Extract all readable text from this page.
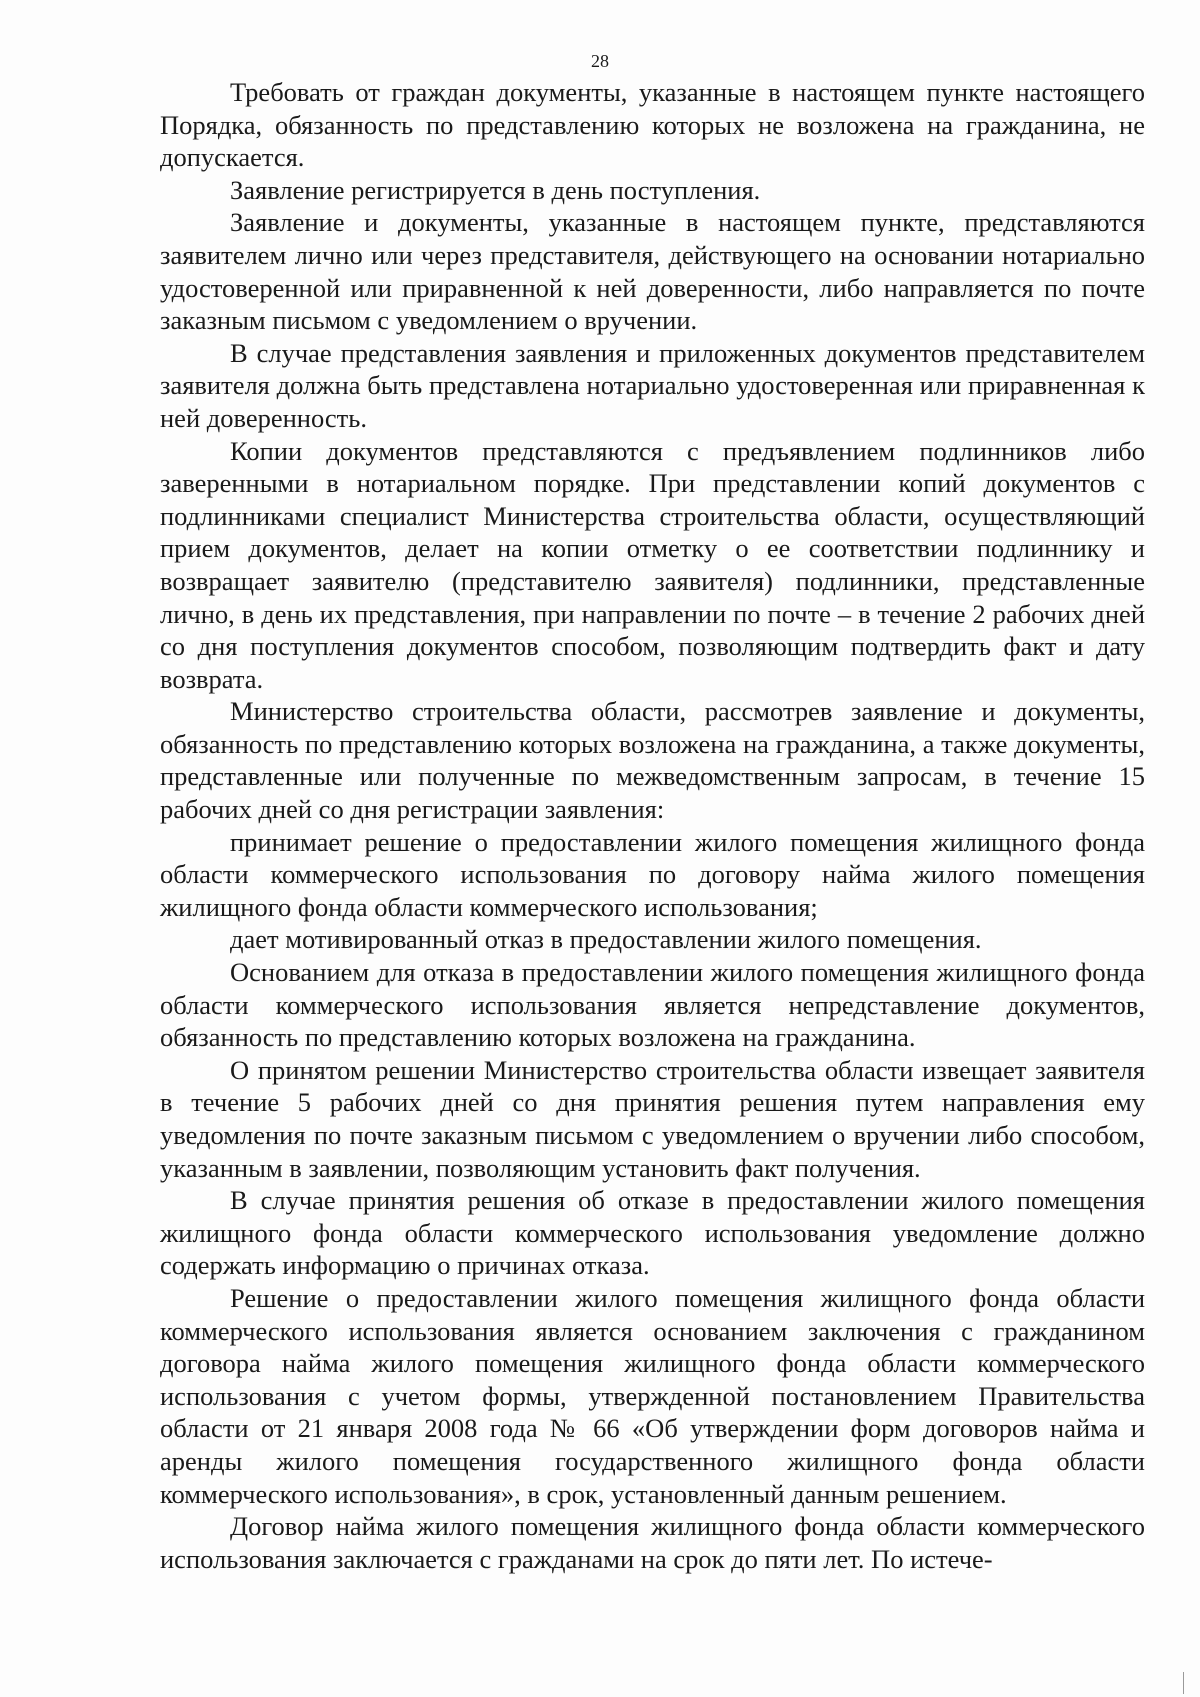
28

Требовать от граждан документы, указанные в настоящем пункте настоящего Порядка, обязанность по представлению которых не возложена на гражданина, не допускается.

Заявление регистрируется в день поступления.

Заявление и документы, указанные в настоящем пункте, представляются заявителем лично или через представителя, действующего на основании нотариально удостоверенной или приравненной к ней доверенности, либо направляется по почте заказным письмом с уведомлением о вручении.

В случае представления заявления и приложенных документов представителем заявителя должна быть представлена нотариально удостоверенная или приравненная к ней доверенность.

Копии документов представляются с предъявлением подлинников либо заверенными в нотариальном порядке. При представлении копий документов с подлинниками специалист Министерства строительства области, осуществляющий прием документов, делает на копии отметку о ее соответствии подлиннику и возвращает заявителю (представителю заявителя) подлинники, представленные лично, в день их представления, при направлении по почте – в течение 2 рабочих дней со дня поступления документов способом, позволяющим подтвердить факт и дату возврата.

Министерство строительства области, рассмотрев заявление и документы, обязанность по представлению которых возложена на гражданина, а также документы, представленные или полученные по межведомственным запросам, в течение 15 рабочих дней со дня регистрации заявления:

принимает решение о предоставлении жилого помещения жилищного фонда области коммерческого использования по договору найма жилого помещения жилищного фонда области коммерческого использования;

дает мотивированный отказ в предоставлении жилого помещения.

Основанием для отказа в предоставлении жилого помещения жилищного фонда области коммерческого использования является непредставление документов, обязанность по представлению которых возложена на гражданина.

О принятом решении Министерство строительства области извещает заявителя в течение 5 рабочих дней со дня принятия решения путем направления ему уведомления по почте заказным письмом с уведомлением о вручении либо способом, указанным в заявлении, позволяющим установить факт получения.

В случае принятия решения об отказе в предоставлении жилого помещения жилищного фонда области коммерческого использования уведомление должно содержать информацию о причинах отказа.

Решение о предоставлении жилого помещения жилищного фонда области коммерческого использования является основанием заключения с гражданином договора найма жилого помещения жилищного фонда области коммерческого использования с учетом формы, утвержденной постановлением Правительства области от 21 января 2008 года № 66 «Об утверждении форм договоров найма и аренды жилого помещения государственного жилищного фонда области коммерческого использования», в срок, установленный данным решением.

Договор найма жилого помещения жилищного фонда области коммерческого использования заключается с гражданами на срок до пяти лет. По истече-
